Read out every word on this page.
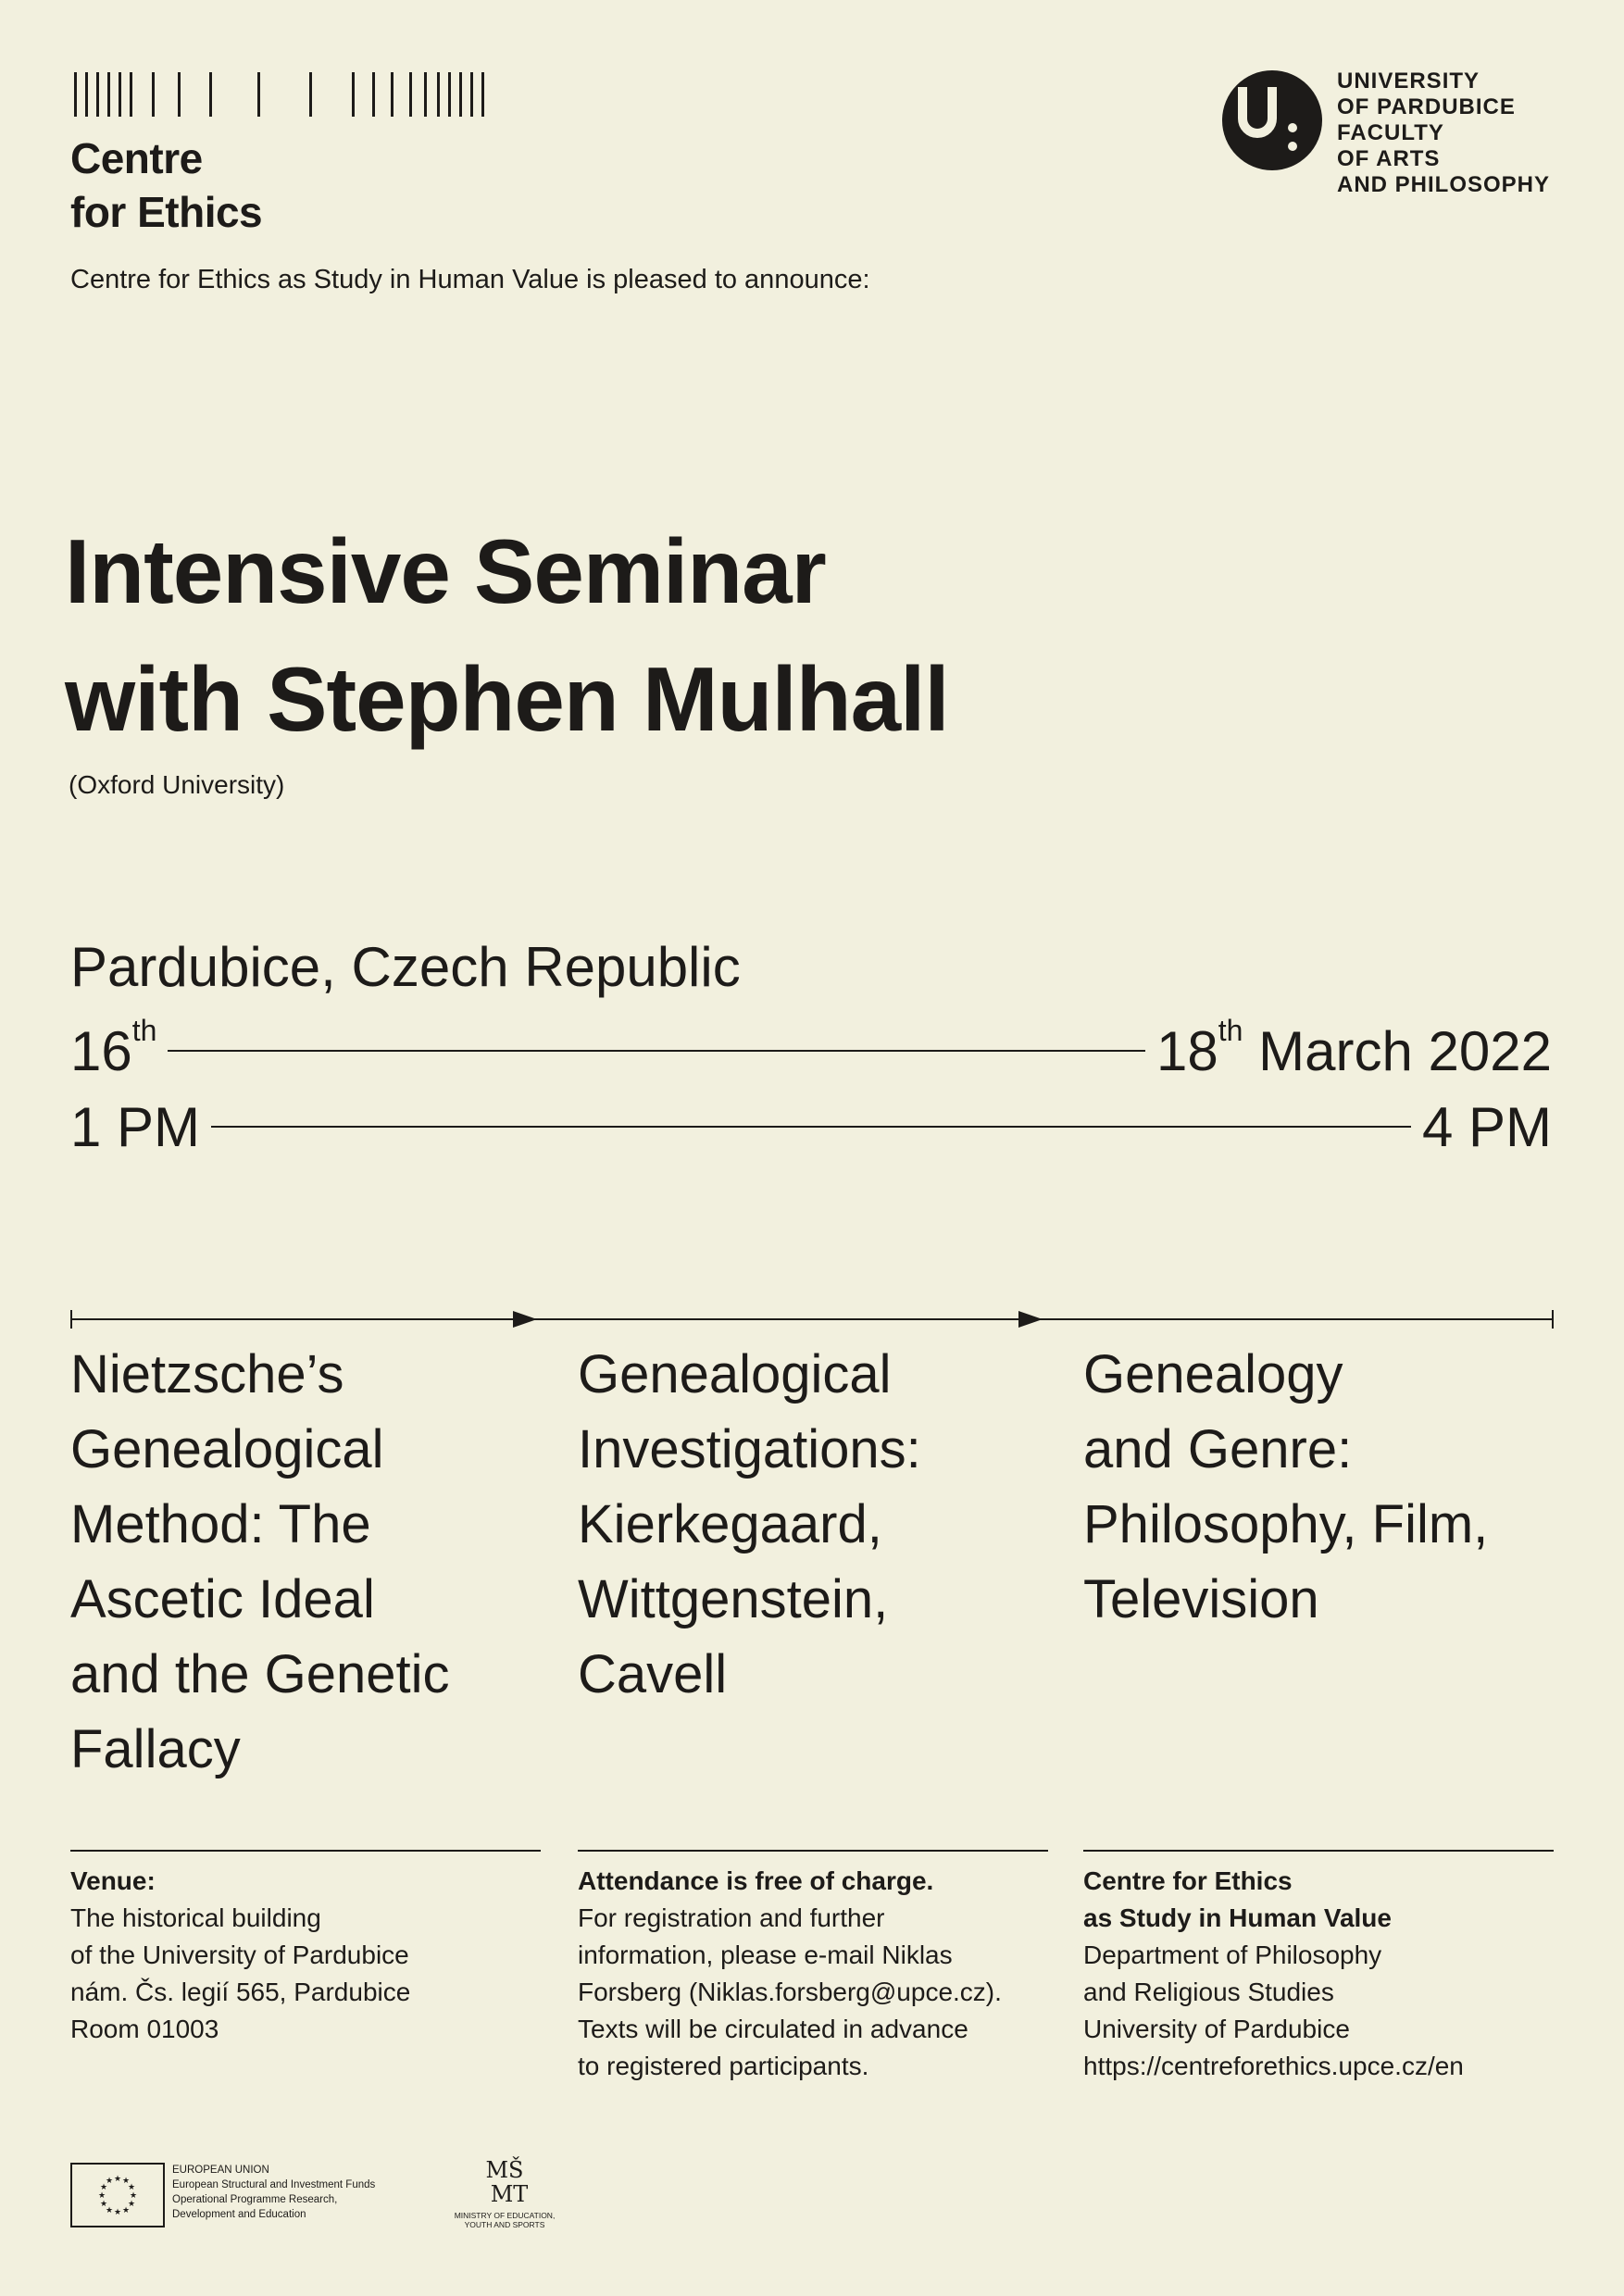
Centre
for Ethics
Centre for Ethics as Study in Human Value is pleased to announce:
UNIVERSITY
OF PARDUBICE
FACULTY
OF ARTS
AND PHILOSOPHY
Intensive Seminar
with Stephen Mulhall
(Oxford University)
Pardubice, Czech Republic
16th	18th March 2022
1 PM	4 PM
Nietzsche’s
Genealogical
Method: The
Ascetic Ideal
and the Genetic
Fallacy
Genealogical
Investigations:
Kierkegaard,
Wittgenstein,
Cavell
Genealogy
and Genre:
Philosophy, Film,
Television
Venue:
The historical building
of the University of Pardubice
nám. Čs. legií 565, Pardubice
Room 01003
Attendance is free of charge.
For registration and further
information, please e-mail Niklas
Forsberg (Niklas.forsberg@upce.cz).
Texts will be circulated in advance
to registered participants.
Centre for Ethics
as Study in Human Value
Department of Philosophy
and Religious Studies
University of Pardubice
https://centreforethics.upce.cz/en
★ ★
★
★
★
★
★
★
★
★
★
★
EUROPEAN UNION
European Structural and Investment Funds
Operational Programme Research,
Development and Education
MŠ
MT
MINISTRY OF EDUCATION,
YOUTH AND SPORTS
